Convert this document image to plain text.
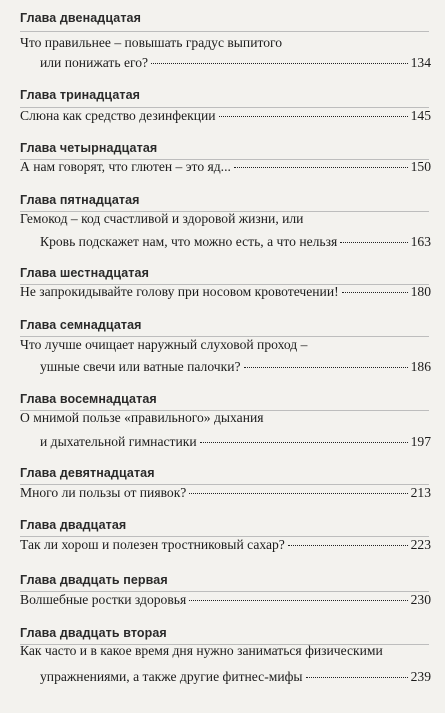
Глава двенадцатая
Что правильнее – повышать градус выпитого
или понижать его?	134
Глава тринадцатая
Слюна как средство дезинфекции	145
Глава четырнадцатая
А нам говорят, что глютен – это яд...	150
Глава пятнадцатая
Гемокод – код счастливой и здоровой жизни, или
Кровь подскажет нам, что можно есть, а что нельзя	163
Глава шестнадцатая
Не запрокидывайте голову при носовом кровотечении!	180
Глава семнадцатая
Что лучше очищает наружный слуховой проход –
ушные свечи или ватные палочки?	186
Глава восемнадцатая
О мнимой пользе «правильного» дыхания
и дыхательной гимнастики	197
Глава девятнадцатая
Много ли пользы от пиявок?	213
Глава двадцатая
Так ли хорош и полезен тростниковый сахар?	223
Глава двадцать первая
Волшебные ростки здоровья	230
Глава двадцать вторая
Как часто и в какое время дня нужно заниматься физическими
упражнениями, а также другие фитнес-мифы	239
